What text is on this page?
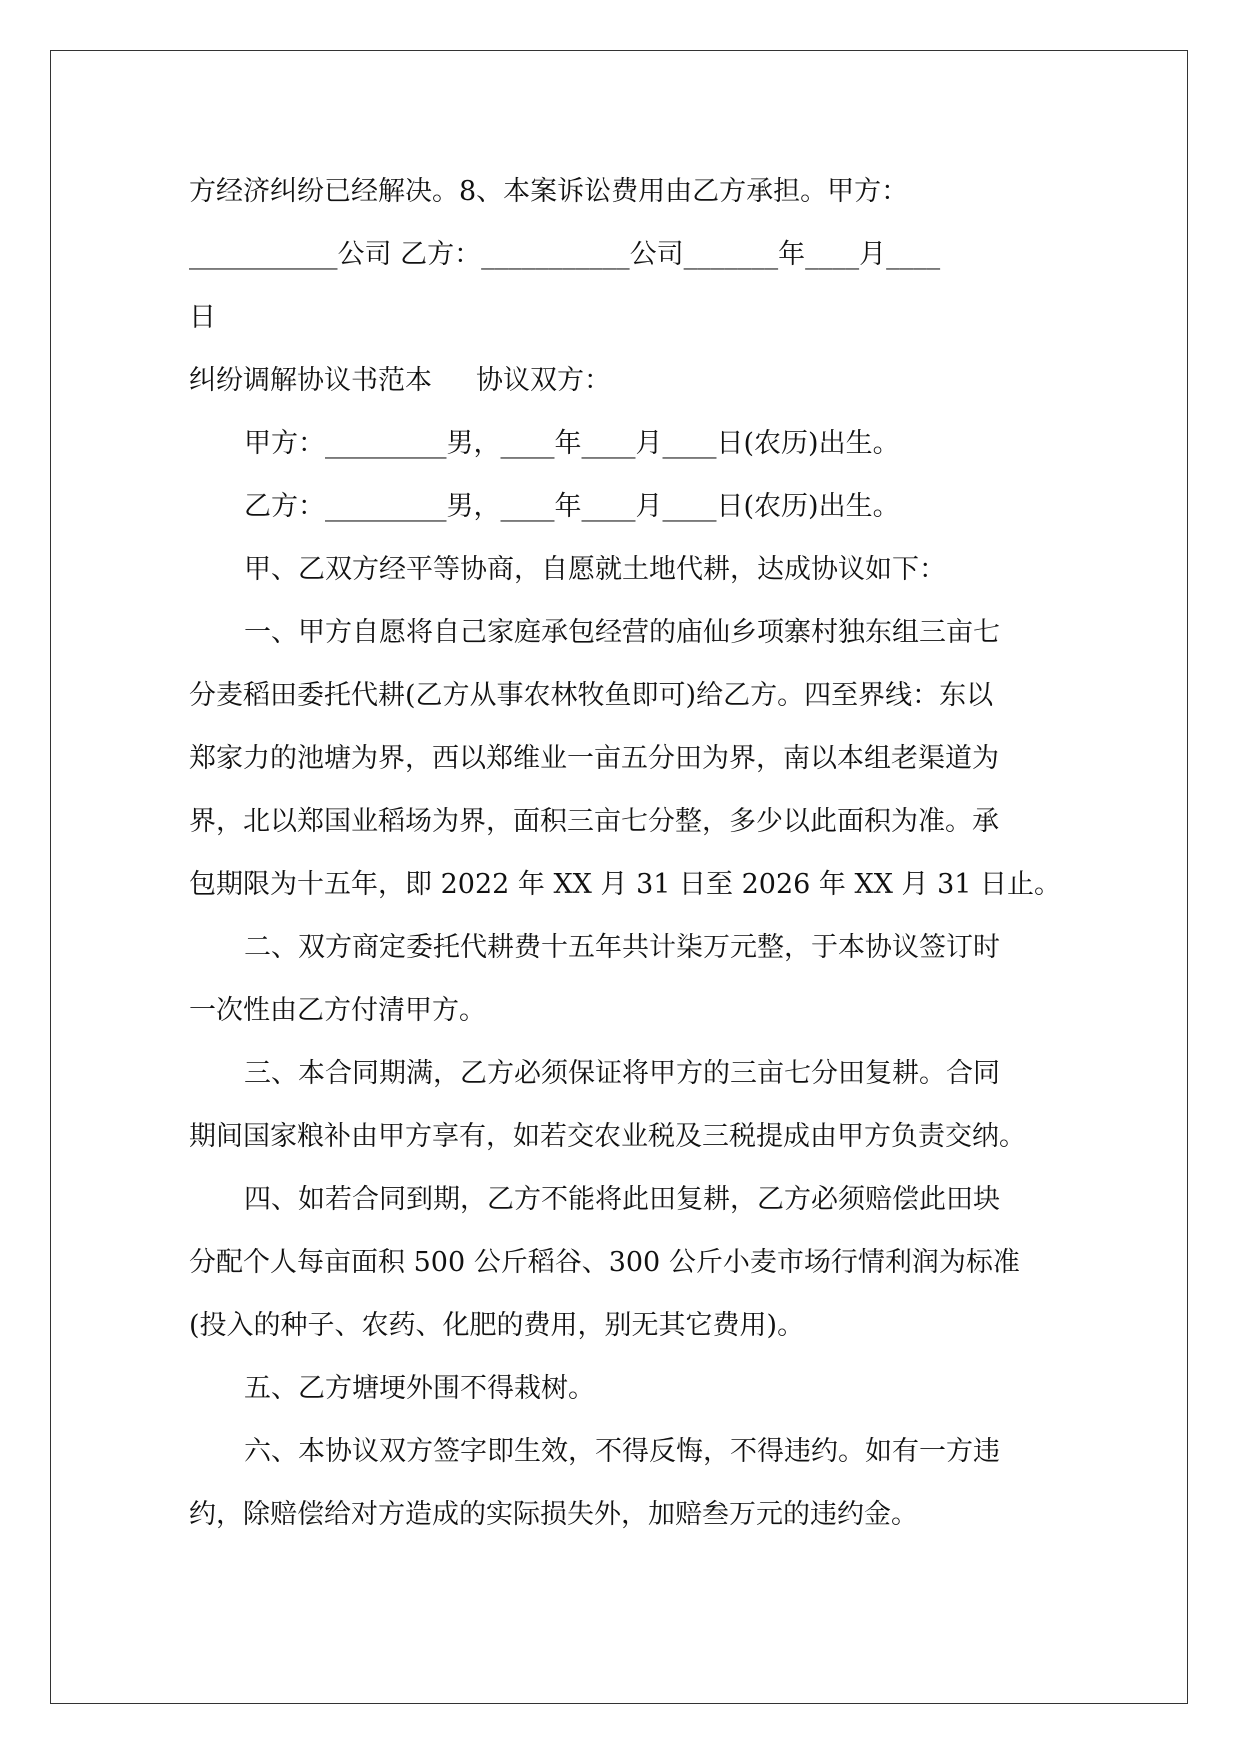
方经济纠纷已经解决。8、本案诉讼费用由乙方承担。甲方：
___________公司 乙方：___________公司_______年____月____
日
纠纷调解协议书范本 协议双方：
甲方：_________男，____年____月____日(农历)出生。
乙方：_________男，____年____月____日(农历)出生。
甲、乙双方经平等协商，自愿就土地代耕，达成协议如下：
一、甲方自愿将自己家庭承包经营的庙仙乡项寨村独东组三亩七
分麦稻田委托代耕(乙方从事农林牧鱼即可)给乙方。四至界线：东以
郑家力的池塘为界，西以郑维业一亩五分田为界，南以本组老渠道为
界，北以郑国业稻场为界，面积三亩七分整，多少以此面积为准。承
包期限为十五年，即 2022 年 XX 月 31 日至 2026 年 XX 月 31 日止。
二、双方商定委托代耕费十五年共计柒万元整，于本协议签订时
一次性由乙方付清甲方。
三、本合同期满，乙方必须保证将甲方的三亩七分田复耕。合同
期间国家粮补由甲方享有，如若交农业税及三税提成由甲方负责交纳。
四、如若合同到期，乙方不能将此田复耕，乙方必须赔偿此田块
分配个人每亩面积 500 公斤稻谷、300 公斤小麦市场行情利润为标准
(投入的种子、农药、化肥的费用，别无其它费用)。
五、乙方塘埂外围不得栽树。
六、本协议双方签字即生效，不得反悔，不得违约。如有一方违
约，除赔偿给对方造成的实际损失外，加赔叁万元的违约金。
